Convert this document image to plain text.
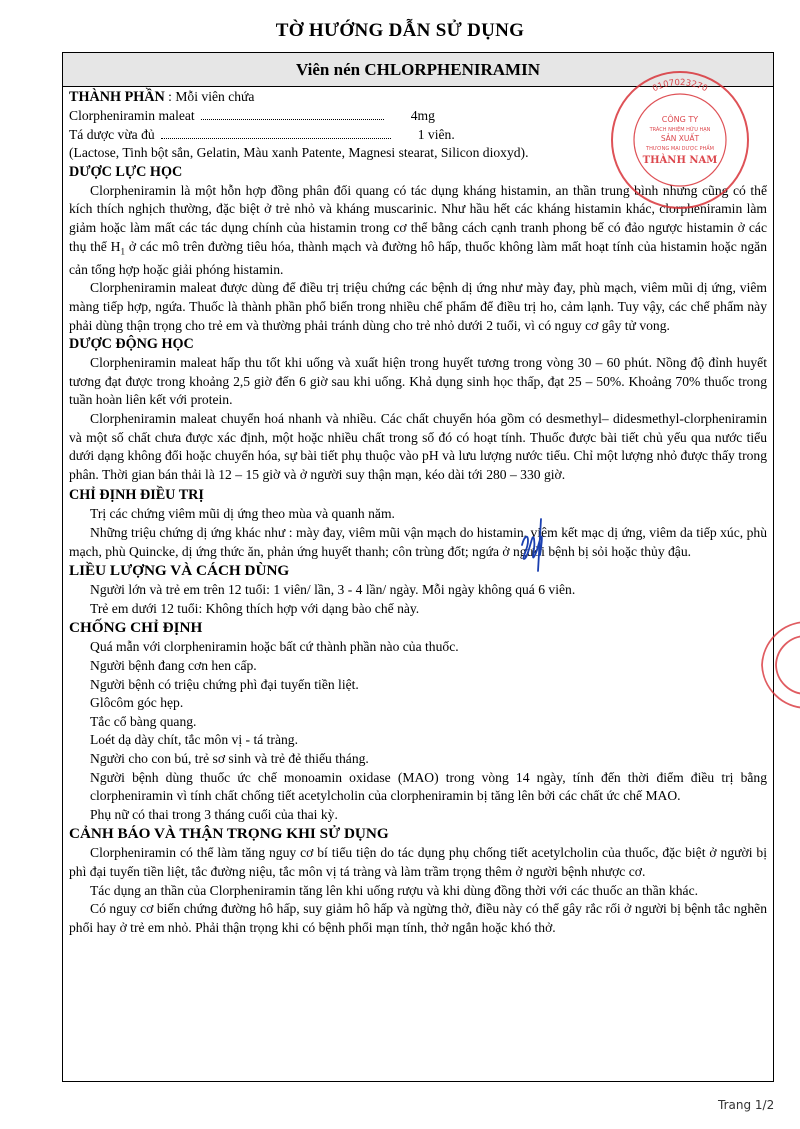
TỜ HƯỚNG DẪN SỬ DỤNG
Viên nén CHLORPHENIRAMIN
THÀNH PHẦN : Mỗi viên chứa
Clorpheniramin maleat	4mg
Tá dược vừa đủ	1 viên.

(Lactose, Tinh bột sắn, Gelatin, Màu xanh Patente, Magnesi stearat, Silicon dioxyd).

DƯỢC LỰC HỌC

Clorpheniramin là một hỗn hợp đồng phân đối quang có tác dụng kháng histamin, an thần trung bình nhưng cũng có thể kích thích nghịch thường, đặc biệt ở trẻ nhỏ và kháng muscarinic. Như hầu hết các kháng histamin khác, clorpheniramin làm giảm hoặc làm mất các tác dụng chính của histamin trong cơ thể bằng cách cạnh tranh phong bế có đảo ngược histamin ở các thụ thể $H_1$ ở các mô trên đường tiêu hóa, thành mạch và đường hô hấp, thuốc không làm mất hoạt tính của histamin hoặc ngăn cản tổng hợp hoặc giải phóng histamin.

Clorpheniramin maleat được dùng để điều trị triệu chứng các bệnh dị ứng như mày đay, phù mạch, viêm mũi dị ứng, viêm màng tiếp hợp, ngứa. Thuốc là thành phần phổ biến trong nhiều chế phẩm để điều trị ho, cảm lạnh. Tuy vậy, các chế phẩm này phải dùng thận trọng cho trẻ em và thường phải tránh dùng cho trẻ nhỏ dưới 2 tuổi, vì có nguy cơ gây tử vong.

DƯỢC ĐỘNG HỌC

Clorpheniramin maleat hấp thu tốt khi uống và xuất hiện trong huyết tương trong vòng 30 – 60 phút. Nồng độ đỉnh huyết tương đạt được trong khoảng 2,5 giờ đến 6 giờ sau khi uống. Khả dụng sinh học thấp, đạt 25 – 50%. Khoảng 70% thuốc trong tuần hoàn liên kết với protein.

Clorpheniramin maleat chuyển hoá nhanh và nhiều. Các chất chuyển hóa gồm có desmethyl– didesmethyl-clorpheniramin và một số chất chưa được xác định, một hoặc nhiều chất trong số đó có hoạt tính. Thuốc được bài tiết chủ yếu qua nước tiểu dưới dạng không đổi hoặc chuyển hóa, sự bài tiết phụ thuộc vào pH và lưu lượng nước tiểu. Chỉ một lượng nhỏ được thấy trong phân. Thời gian bán thải là 12 – 15 giờ và ở người suy thận mạn, kéo dài tới 280 – 330 giờ.

CHỈ ĐỊNH ĐIỀU TRỊ

Trị các chứng viêm mũi dị ứng theo mùa và quanh năm.

Những triệu chứng dị ứng khác như : mày đay, viêm mũi vận mạch do histamin, viêm kết mạc dị ứng, viêm da tiếp xúc, phù mạch, phù Quincke, dị ứng thức ăn, phản ứng huyết thanh; côn trùng đốt; ngứa ở người bệnh bị sỏi hoặc thủy đậu.

LIỀU LƯỢNG VÀ CÁCH DÙNG

Người lớn và trẻ em trên 12 tuổi: 1 viên/ lần, 3 - 4 lần/ ngày. Mỗi ngày không quá 6 viên.

Trẻ em dưới 12 tuổi: Không thích hợp với dạng bào chế này.

CHỐNG CHỈ ĐỊNH

Quá mẫn với clorpheniramin hoặc bất cứ thành phần nào của thuốc.

Người bệnh đang cơn hen cấp.

Người bệnh có triệu chứng phì đại tuyến tiền liệt.

Glôcôm góc hẹp.

Tắc cổ bàng quang.

Loét dạ dày chít, tắc môn vị - tá tràng.

Người cho con bú, trẻ sơ sinh và trẻ đẻ thiếu tháng.

Người bệnh dùng thuốc ức chế monoamin oxidase (MAO) trong vòng 14 ngày, tính đến thời điểm điều trị bằng clorpheniramin vì tính chất chống tiết acetylcholin của clorpheniramin bị tăng lên bởi các chất ức chế MAO.

Phụ nữ có thai trong 3 tháng cuối của thai kỳ.

CẢNH BÁO VÀ THẬN TRỌNG KHI SỬ DỤNG

Clorpheniramin có thể làm tăng nguy cơ bí tiểu tiện do tác dụng phụ chống tiết acetylcholin của thuốc, đặc biệt ở người bị phì đại tuyến tiền liệt, tắc đường niệu, tắc môn vị tá tràng và làm trầm trọng thêm ở người bệnh nhược cơ.

Tác dụng an thần của Clorpheniramin tăng lên khi uống rượu và khi dùng đồng thời với các thuốc an thần khác.

Có nguy cơ biến chứng đường hô hấp, suy giảm hô hấp và ngừng thở, điều này có thể gây rắc rối ở người bị bệnh tắc nghẽn phổi hay ở trẻ em nhỏ. Phải thận trọng khi có bệnh phổi mạn tính, thở ngắn hoặc khó thở.

0107023270
CÔNG TY
TRÁCH NHIỆM HỮU HẠN
SẢN XUẤT
THƯƠNG MẠI DƯỢC PHẨM
THÀNH NAM
Trang 1/2
